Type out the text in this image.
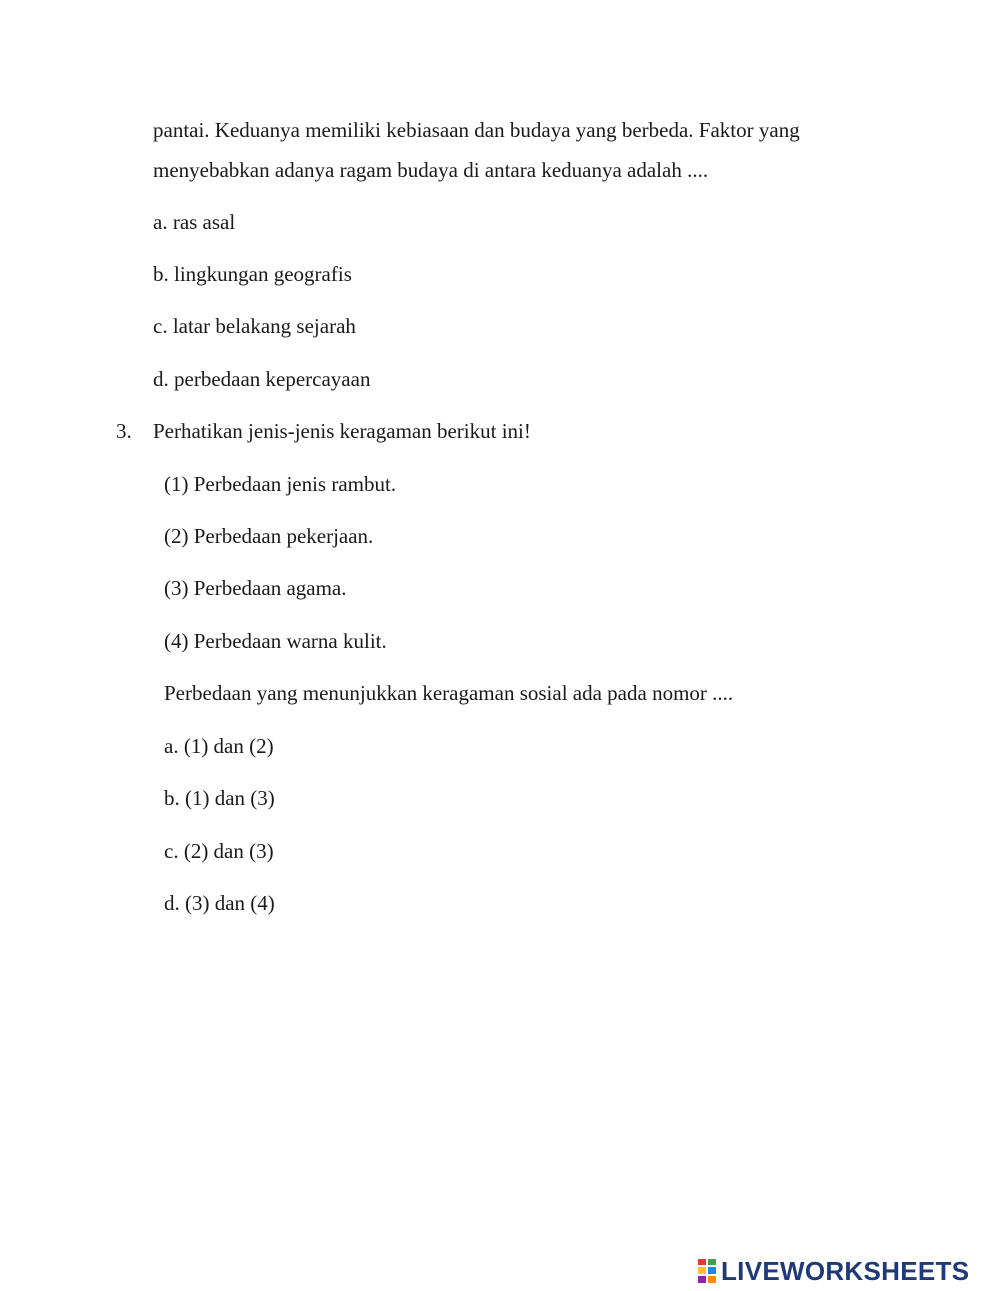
pantai. Keduanya memiliki kebiasaan dan budaya yang berbeda. Faktor yang
menyebabkan adanya ragam budaya di antara keduanya adalah ....
a. ras asal
b. lingkungan geografis
c. latar belakang sejarah
d. perbedaan kepercayaan
3. Perhatikan jenis-jenis keragaman berikut ini!
(1) Perbedaan jenis rambut.
(2) Perbedaan pekerjaan.
(3) Perbedaan agama.
(4) Perbedaan warna kulit.
Perbedaan yang menunjukkan keragaman sosial ada pada nomor ....
a. (1) dan (2)
b. (1) dan (3)
c. (2) dan (3)
d. (3) dan (4)
LIVEWORKSHEETS
